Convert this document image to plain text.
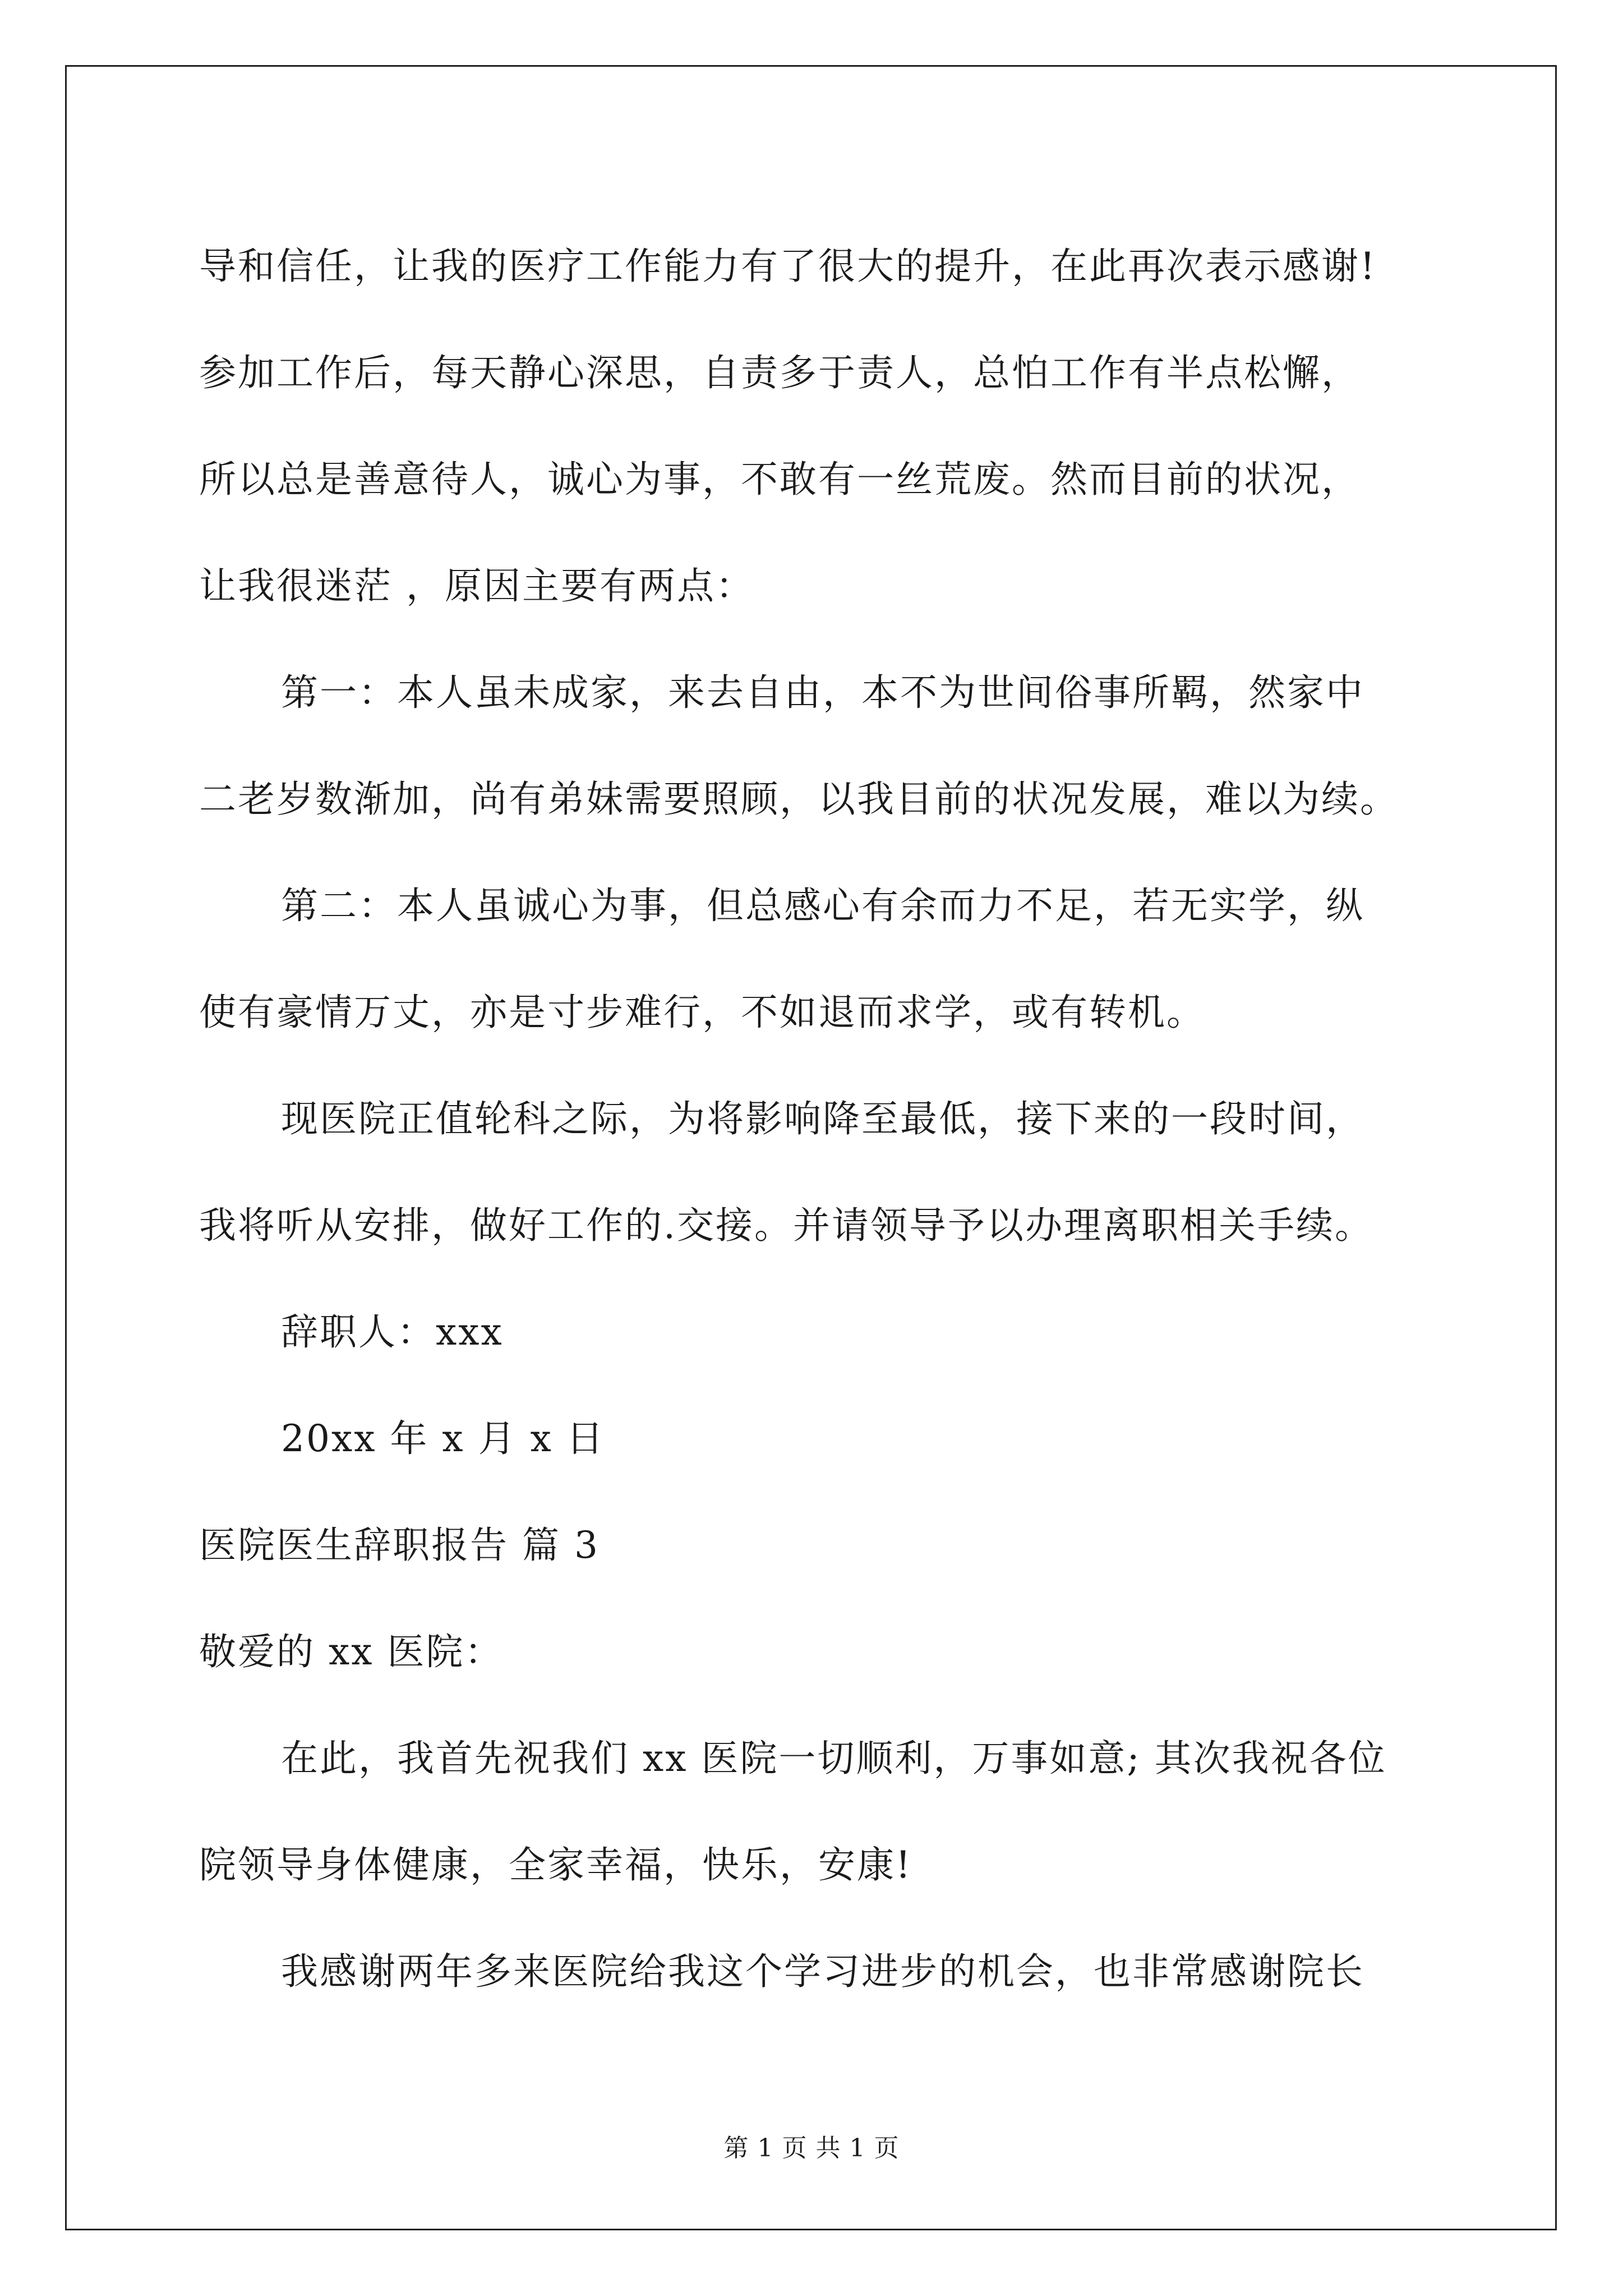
导和信任，让我的医疗工作能力有了很大的提升，在此再次表示感谢!
参加工作后，每天静心深思，自责多于责人，总怕工作有半点松懈，
所以总是善意待人，诚心为事，不敢有一丝荒废。然而目前的状况，
让我很迷茫 ，原因主要有两点：
第一：本人虽未成家，来去自由，本不为世间俗事所羁，然家中
二老岁数渐加，尚有弟妹需要照顾，以我目前的状况发展，难以为续。
第二：本人虽诚心为事，但总感心有余而力不足，若无实学，纵
使有豪情万丈，亦是寸步难行，不如退而求学，或有转机。
现医院正值轮科之际，为将影响降至最低，接下来的一段时间，
我将听从安排，做好工作的.交接。并请领导予以办理离职相关手续。
辞职人：xxx
20xx 年 x 月 x 日
医院医生辞职报告 篇 3
敬爱的 xx 医院：
在此，我首先祝我们 xx 医院一切顺利，万事如意; 其次我祝各位
院领导身体健康，全家幸福，快乐，安康!
我感谢两年多来医院给我这个学习进步的机会，也非常感谢院长
第 1 页 共 1 页
